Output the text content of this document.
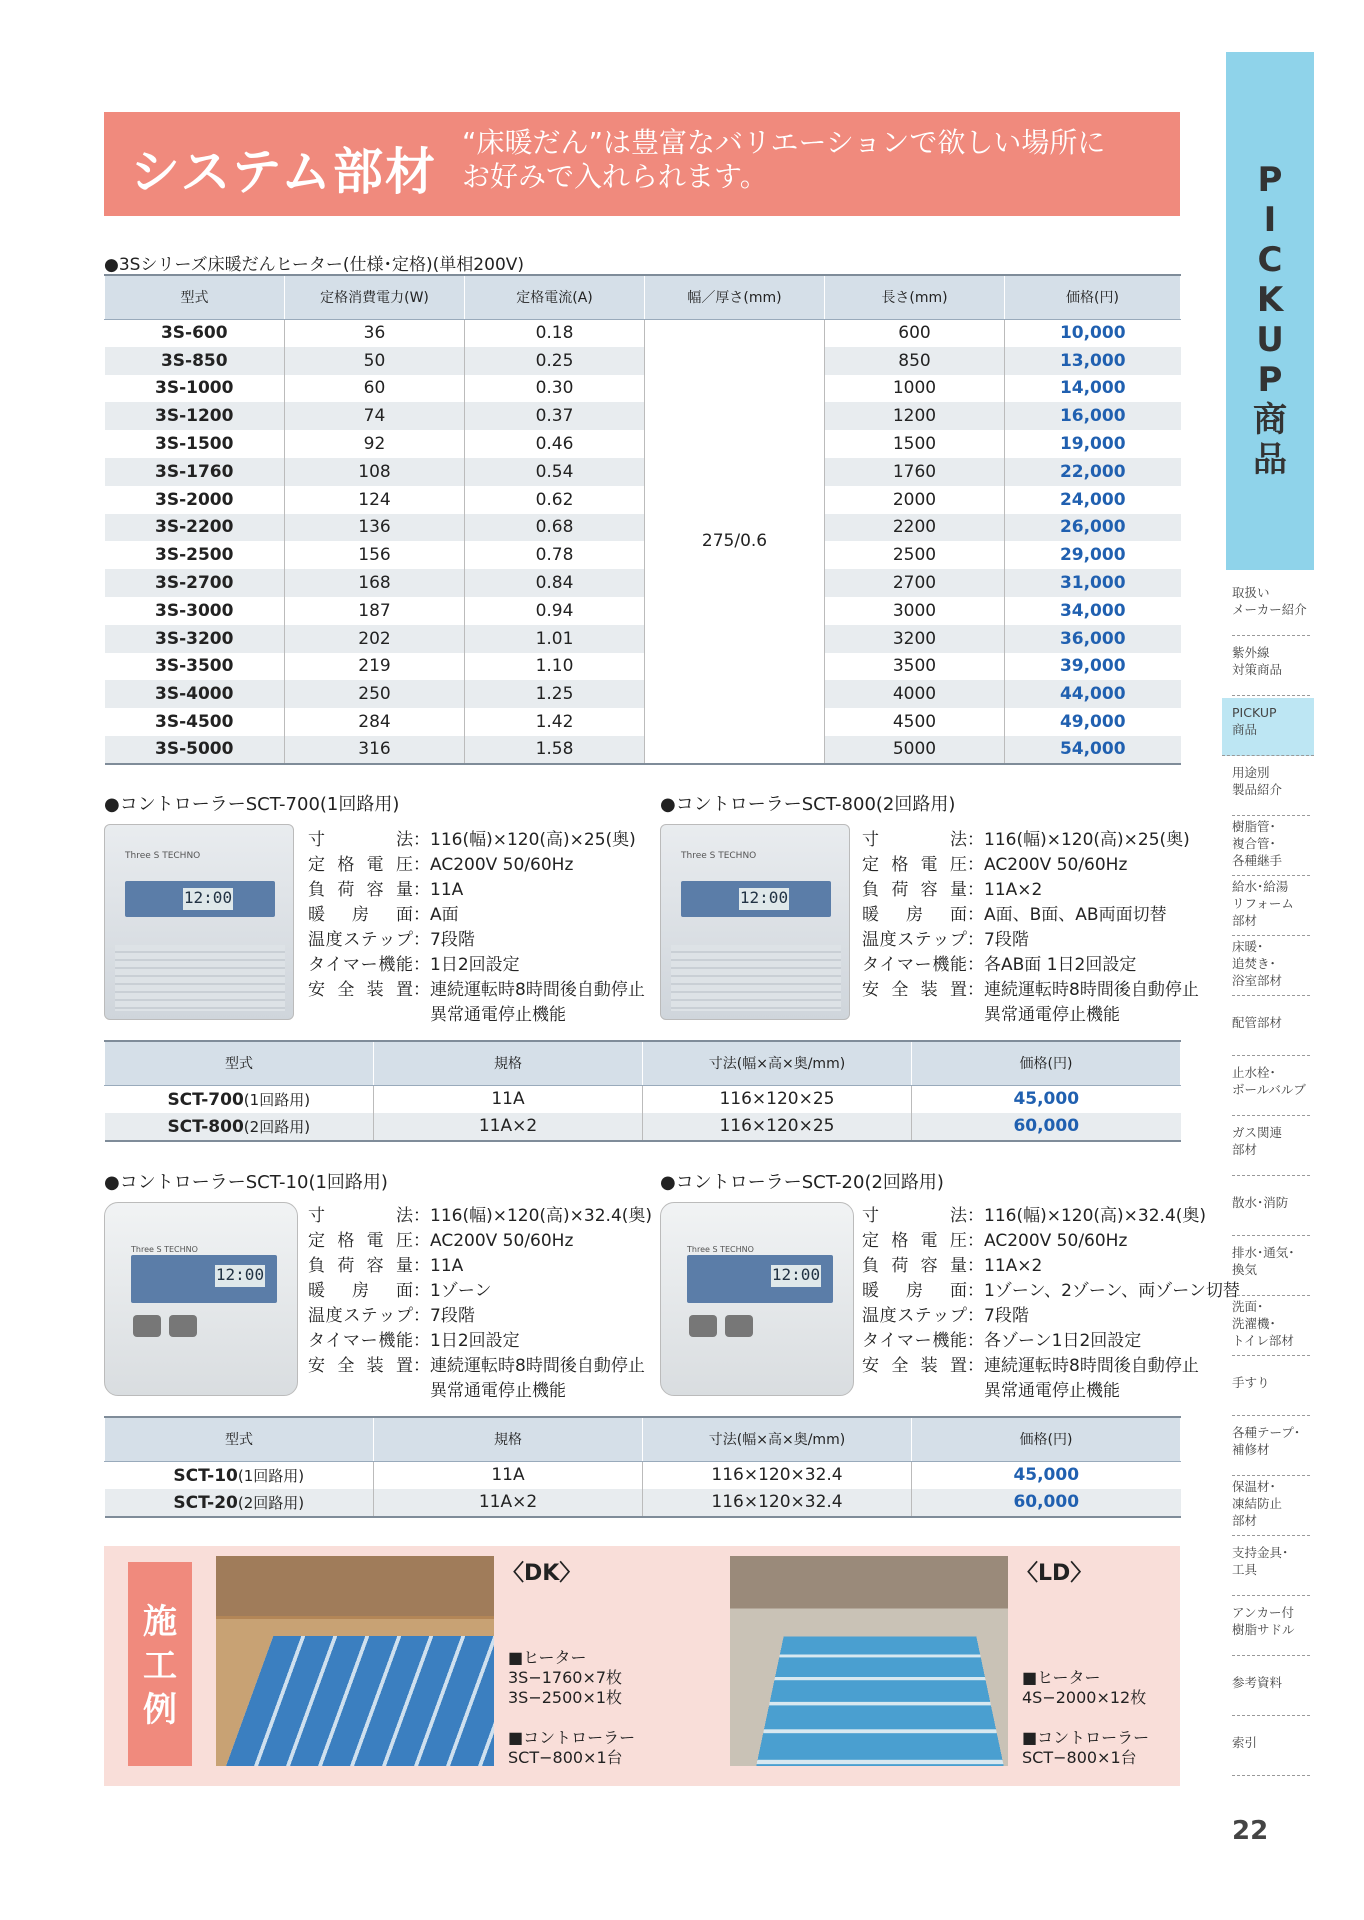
システム部材
“床暖だん”は豊富なバリエーションで欲しい場所に
お好みで入れられます。
●3Sシリーズ床暖だんヒーター(仕様･定格)(単相200V)
型式	定格消費電力(W)	定格電流(A)	幅／厚さ(mm)	長さ(mm)	価格(円)
3S-600	36	0.18	275/0.6	600	10,000
3S-850	50	0.25		850	13,000
3S-1000	60	0.30		1000	14,000
3S-1200	74	0.37		1200	16,000
3S-1500	92	0.46		1500	19,000
3S-1760	108	0.54		1760	22,000
3S-2000	124	0.62		2000	24,000
3S-2200	136	0.68		2200	26,000
3S-2500	156	0.78		2500	29,000
3S-2700	168	0.84		2700	31,000
3S-3000	187	0.94		3000	34,000
3S-3200	202	1.01		3200	36,000
3S-3500	219	1.10		3500	39,000
3S-4000	250	1.25		4000	44,000
3S-4500	284	1.42		4500	49,000
3S-5000	316	1.58		5000	54,000
●コントローラーSCT-700(1回路用)
Three S TECHNO
12:00
寸法 ：116(幅)×120(高)×25(奥)
定格電圧 ：AC200V 50/60Hz
負荷容量 ：11A
暖房面 ：A面
温度ステップ ：7段階
タイマー機能 ：1日2回設定
安全装置 ：連続運転時8時間後自動停止
異常通電停止機能
●コントローラーSCT-800(2回路用)
Three S TECHNO
12:00
寸法 ：116(幅)×120(高)×25(奥)
定格電圧 ：AC200V 50/60Hz
負荷容量 ：11A×2
暖房面 ：A面、B面、AB両面切替
温度ステップ ：7段階
タイマー機能 ：各AB面 1日2回設定
安全装置 ：連続運転時8時間後自動停止
異常通電停止機能
型式	規格	寸法(幅×高×奥/mm)	価格(円)
SCT-700(1回路用)	11A	116×120×25	45,000
SCT-800(2回路用)	11A×2	116×120×25	60,000
●コントローラーSCT-10(1回路用)
Three S TECHNO
12:00
寸法 ：116(幅)×120(高)×32.4(奥)
定格電圧 ：AC200V 50/60Hz
負荷容量 ：11A
暖房面 ：1ゾーン
温度ステップ ：7段階
タイマー機能 ：1日2回設定
安全装置 ：連続運転時8時間後自動停止
異常通電停止機能
●コントローラーSCT-20(2回路用)
Three S TECHNO
12:00
寸法 ：116(幅)×120(高)×32.4(奥)
定格電圧 ：AC200V 50/60Hz
負荷容量 ：11A×2
暖房面 ：1ゾーン、2ゾーン、両ゾーン切替
温度ステップ ：7段階
タイマー機能 ：各ゾーン1日2回設定
安全装置 ：連続運転時8時間後自動停止
異常通電停止機能
型式	規格	寸法(幅×高×奥/mm)	価格(円)
SCT-10(1回路用)	11A	116×120×32.4	45,000
SCT-20(2回路用)	11A×2	116×120×32.4	60,000
施
工
例
〈DK〉
■ヒーター
3S−1760×7枚
3S−2500×1枚
■コントローラー
SCT−800×1台
〈LD〉
■ヒーター
4S−2000×12枚
■コントローラー
SCT−800×1台
P
I
C
K
U
P
商
品
取扱い
メーカー紹介
紫外線
対策商品
PICKUP
商品
用途別
製品紹介
樹脂管･
複合管･
各種継手
給水･給湯
リフォーム
部材
床暖･
追焚き･
浴室部材
配管部材
止水栓･
ボールバルブ
ガス関連
部材
散水･消防
排水･通気･
換気
洗面･
洗濯機･
トイレ部材
手すり
各種テープ･
補修材
保温材･
凍結防止
部材
支持金具･
工具
アンカー付
樹脂サドル
参考資料
索引
22
